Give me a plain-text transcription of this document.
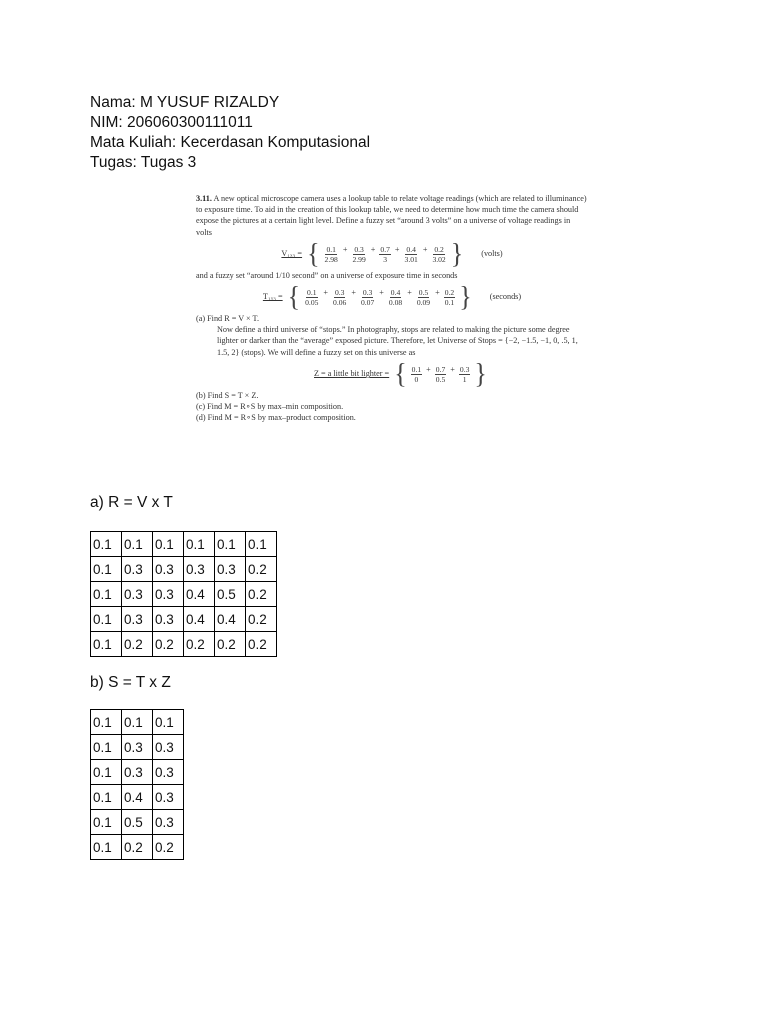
Nama: M YUSUF RIZALDY
NIM: 206060300111011
Mata Kuliah: Kecerdasan Komputasional
Tugas: Tugas 3

3.11. A new optical microscope camera uses a lookup table to relate voltage readings (which are related to illuminance) to exposure time. To aid in the creation of this lookup table, we need to determine how much time the camera should expose the pictures at a certain light level. Define a fuzzy set “around 3 volts” on a universe of voltage readings in volts

V₁ₓ₃ = { $\frac{0.1}{2.98} + \frac{0.3}{2.99} + \frac{0.7}{3} + \frac{0.4}{3.01} + \frac{0.2}{3.02}$ } (volts)

and a fuzzy set “around 1/10 second” on a universe of exposure time in seconds

T₁ₓ₃ = { $\frac{0.1}{0.05} + \frac{0.3}{0.06} + \frac{0.3}{0.07} + \frac{0.4}{0.08} + \frac{0.5}{0.09} + \frac{0.2}{0.1}$ } (seconds)

(a) Find R = V × T.

Now define a third universe of “stops.” In photography, stops are related to making the picture some degree lighter or darker than the “average” exposed picture. Therefore, let Universe of Stops = {−2, −1.5, −1, 0, .5, 1, 1.5, 2} (stops). We will define a fuzzy set on this universe as

Z = a little bit lighter = { $\frac{0.1}{0} + \frac{0.7}{0.5} + \frac{0.3}{1}$ }

(b) Find S = T × Z.

(c) Find M = R∘S by max–min composition.

(d) Find M = R∘S by max–product composition.

a) R = V x T
0.1	0.1	0.1	0.1	0.1	0.1
0.1	0.3	0.3	0.3	0.3	0.2
0.1	0.3	0.3	0.4	0.5	0.2
0.1	0.3	0.3	0.4	0.4	0.2
0.1	0.2	0.2	0.2	0.2	0.2
b) S = T x Z
0.1	0.1	0.1
0.1	0.3	0.3
0.1	0.3	0.3
0.1	0.4	0.3
0.1	0.5	0.3
0.1	0.2	0.2
